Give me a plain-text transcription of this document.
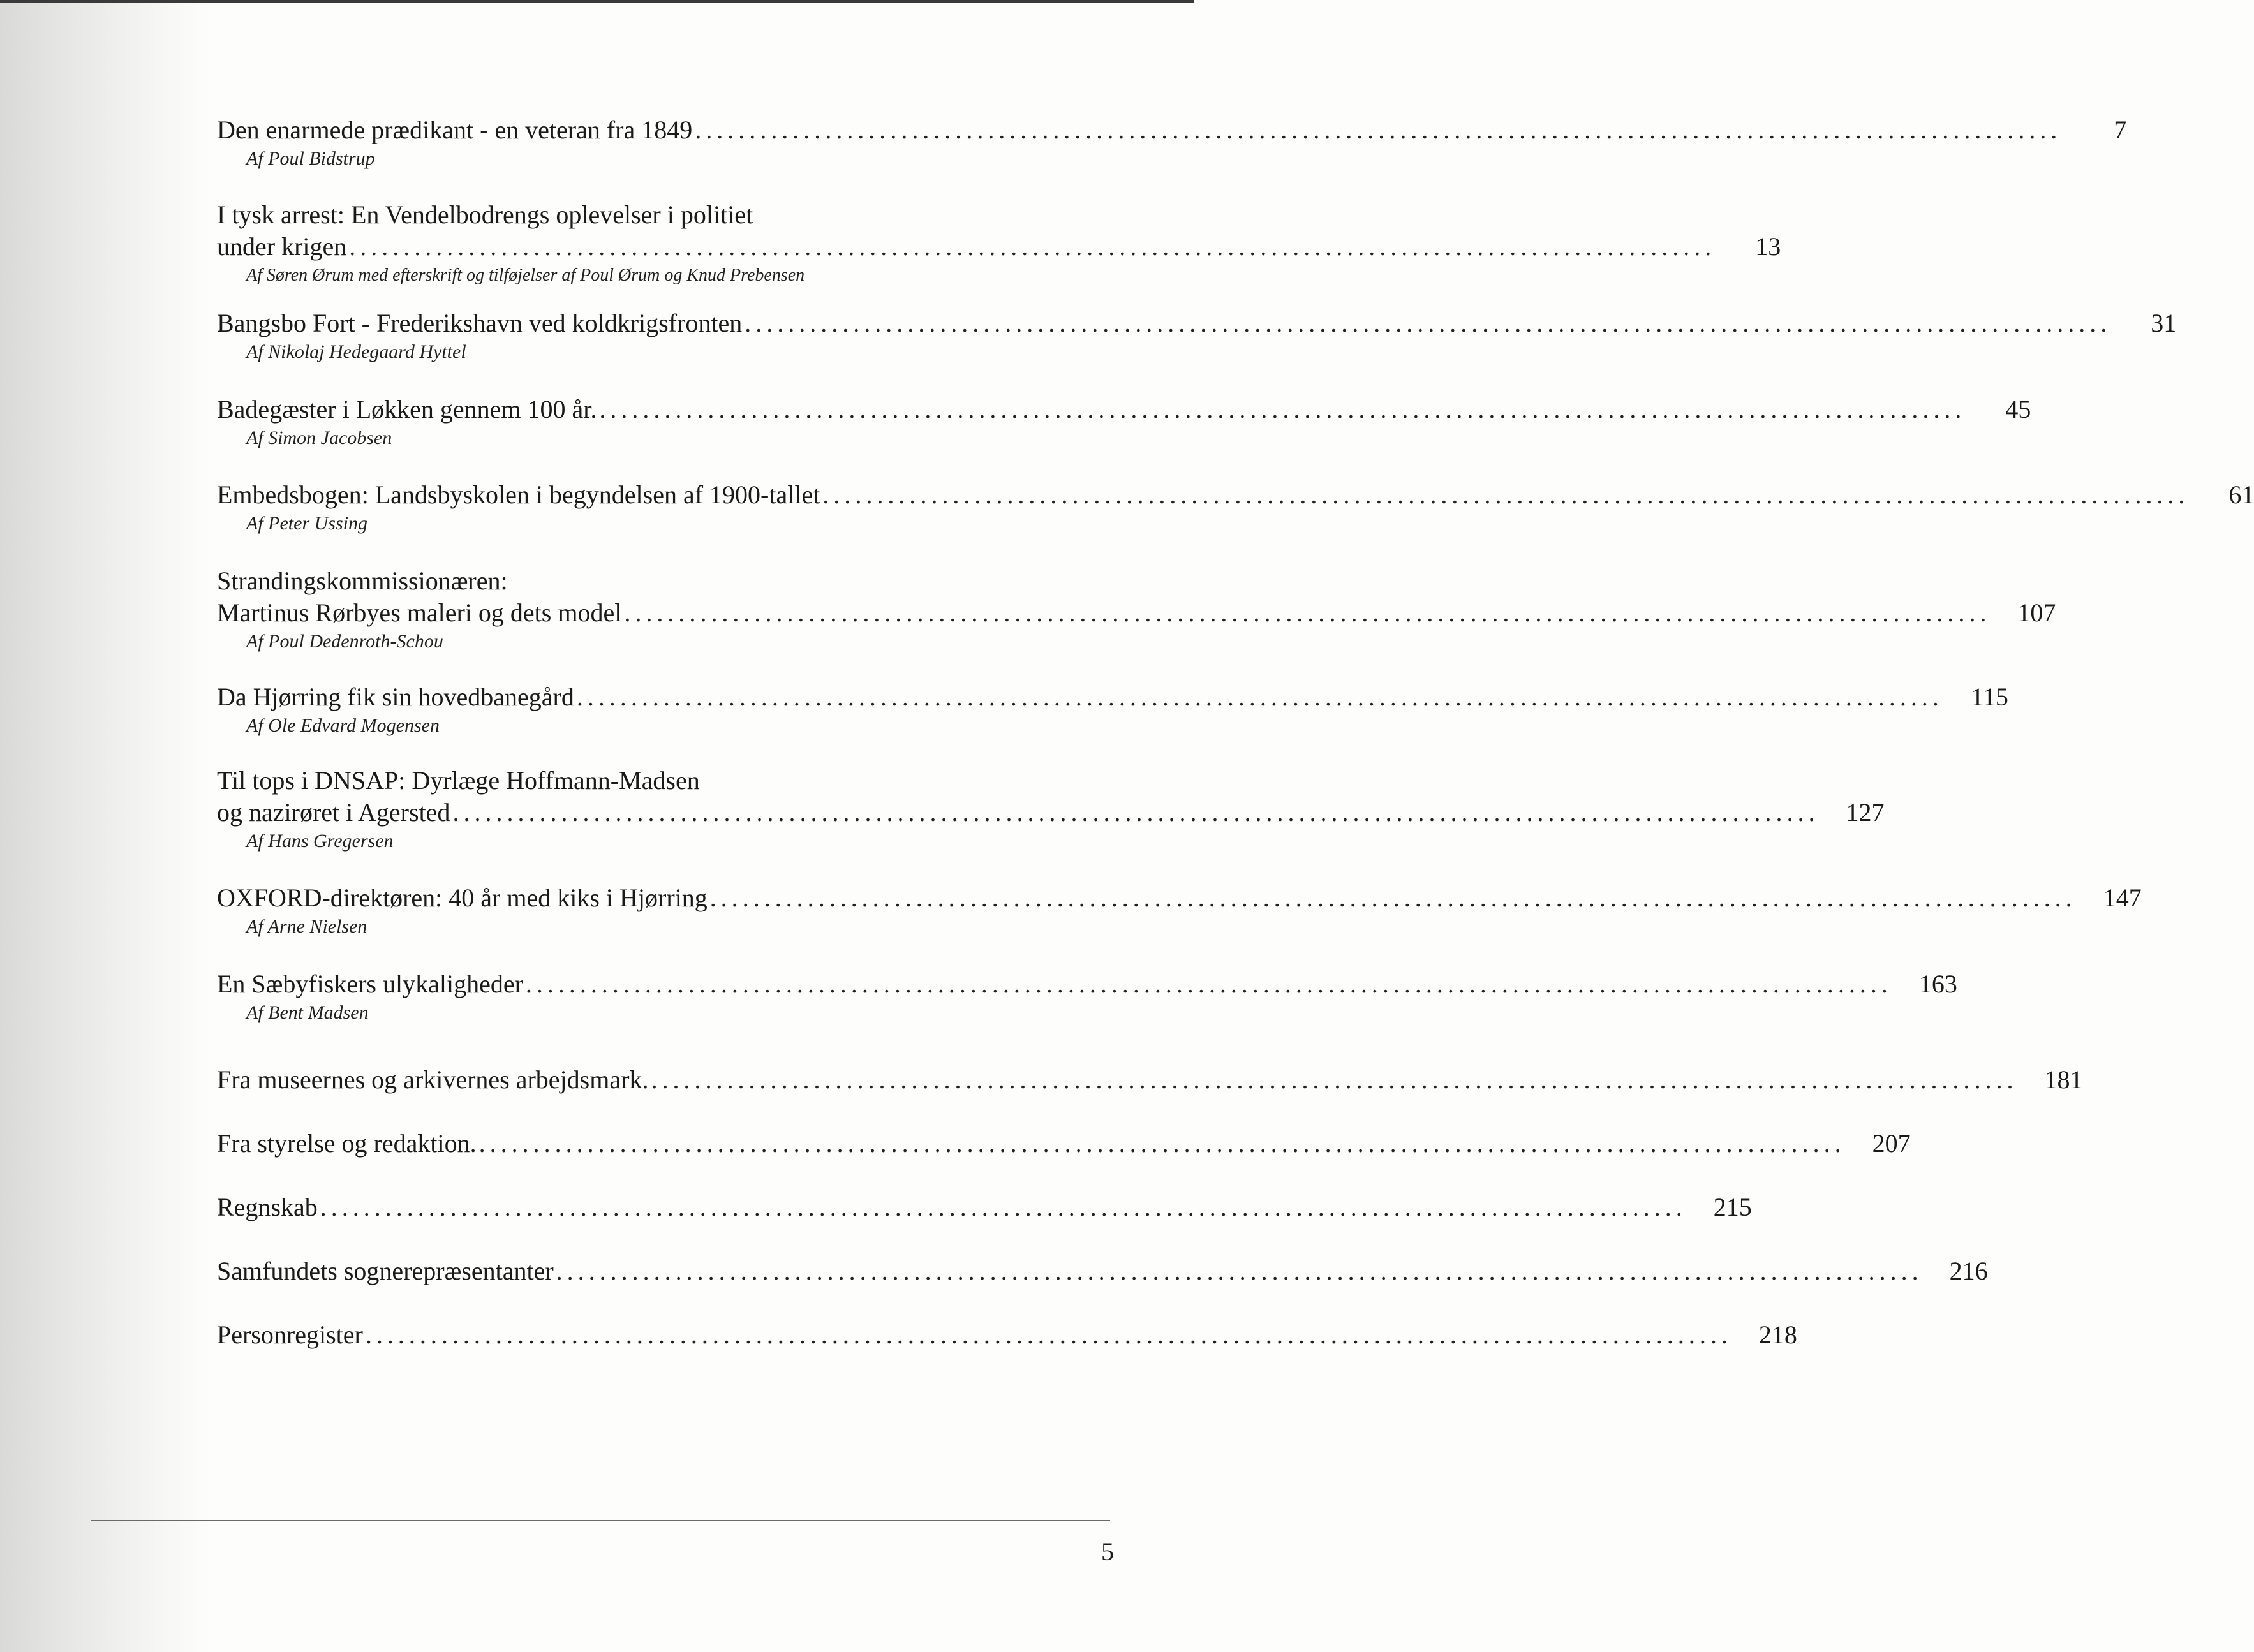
Den enarmede prædikant - en veteran fra 1849 ..............................................................................................................................	7
Af Poul Bidstrup
I tysk arrest: En Vendelbodrengs oplevelser i politiet
under krigen ..............................................................................................................................	13
Af Søren Ørum med efterskrift og tilføjelser af Poul Ørum og Knud Prebensen
Bangsbo Fort - Frederikshavn ved koldkrigsfronten ..............................................................................................................................	31
Af Nikolaj Hedegaard Hyttel
Badegæster i Løkken gennem 100 år. ..............................................................................................................................	45
Af Simon Jacobsen
Embedsbogen: Landsbyskolen i begyndelsen af 1900-tallet ..............................................................................................................................	61
Af Peter Ussing
Strandingskommissionæren:
Martinus Rørbyes maleri og dets model ..............................................................................................................................	107
Af Poul Dedenroth-Schou
Da Hjørring fik sin hovedbanegård ..............................................................................................................................	115
Af Ole Edvard Mogensen
Til tops i DNSAP: Dyrlæge Hoffmann-Madsen
og nazirøret i Agersted ..............................................................................................................................	127
Af Hans Gregersen
OXFORD-direktøren: 40 år med kiks i Hjørring ..............................................................................................................................	147
Af Arne Nielsen
En Sæbyfiskers ulykaligheder ..............................................................................................................................	163
Af Bent Madsen
Fra museernes og arkivernes arbejdsmark. ..............................................................................................................................	181
Fra styrelse og redaktion. ..............................................................................................................................	207
Regnskab ..............................................................................................................................	215
Samfundets sognerepræsentanter ..............................................................................................................................	216
Personregister ..............................................................................................................................	218
5
